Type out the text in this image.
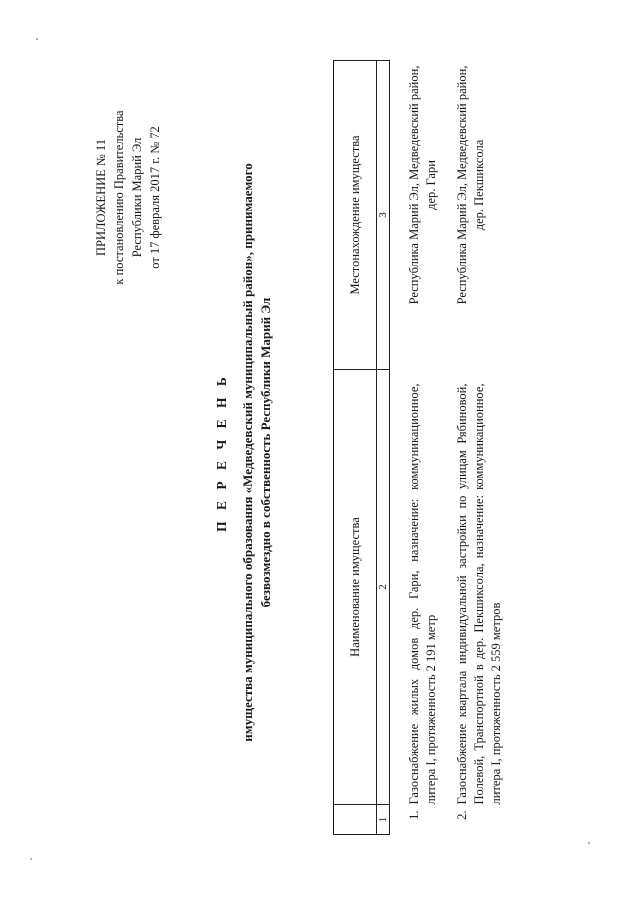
ПРИЛОЖЕНИЕ № 11 к постановлению Правительства Республики Марий Эл от 17 февраля 2017 г. № 72
П Е Р Е Ч Е Н Ь имущества муниципального образования «Медведевский муниципальный район», принимаемого безвозмездно в собственность Республики Марий Эл
		Наименование имущества	Местонахождение имущества
1	2	3
1.	Газоснабжение жилых домов дер. Гари, назначение: коммуникационное, литера I, протяженность 2 191 метр	Республика Марий Эл, Медведевский район, дер. Гари
2.	Газоснабжение квартала индивидуальной застройки по улицам Рябиновой, Полевой, Транспортной в дер. Пекшиксола, назначение: коммуникационное, литера I, протяженность 2 559 метров	Республика Марий Эл, Медведевский район, дер. Пекшиксола
